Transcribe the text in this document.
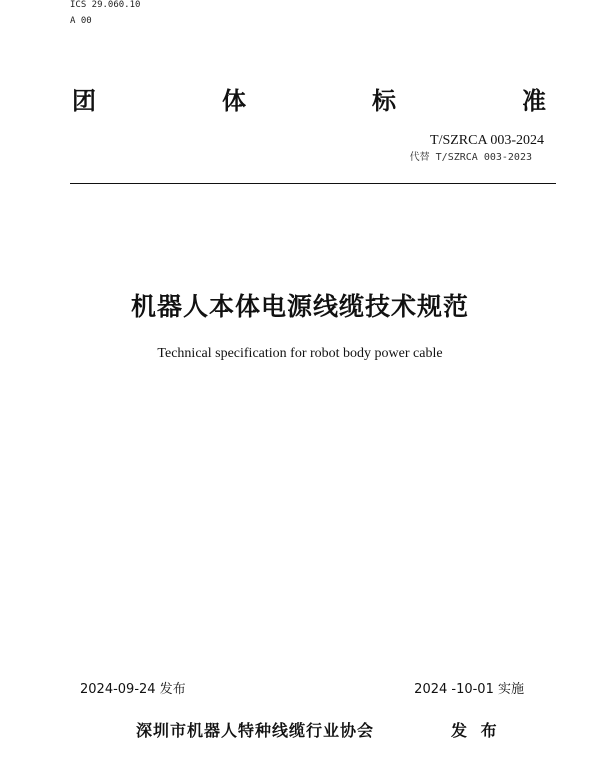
ICS 29.060.10
A 00
团	体	标	准
T/SZRCA 003-2024
代替 T/SZRCA 003-2023
机器人本体电源线缆技术规范
Technical specification for robot body power cable
2024-09-24 发布	2024 -10-01 实施
深圳市机器人特种线缆行业协会	发 布
